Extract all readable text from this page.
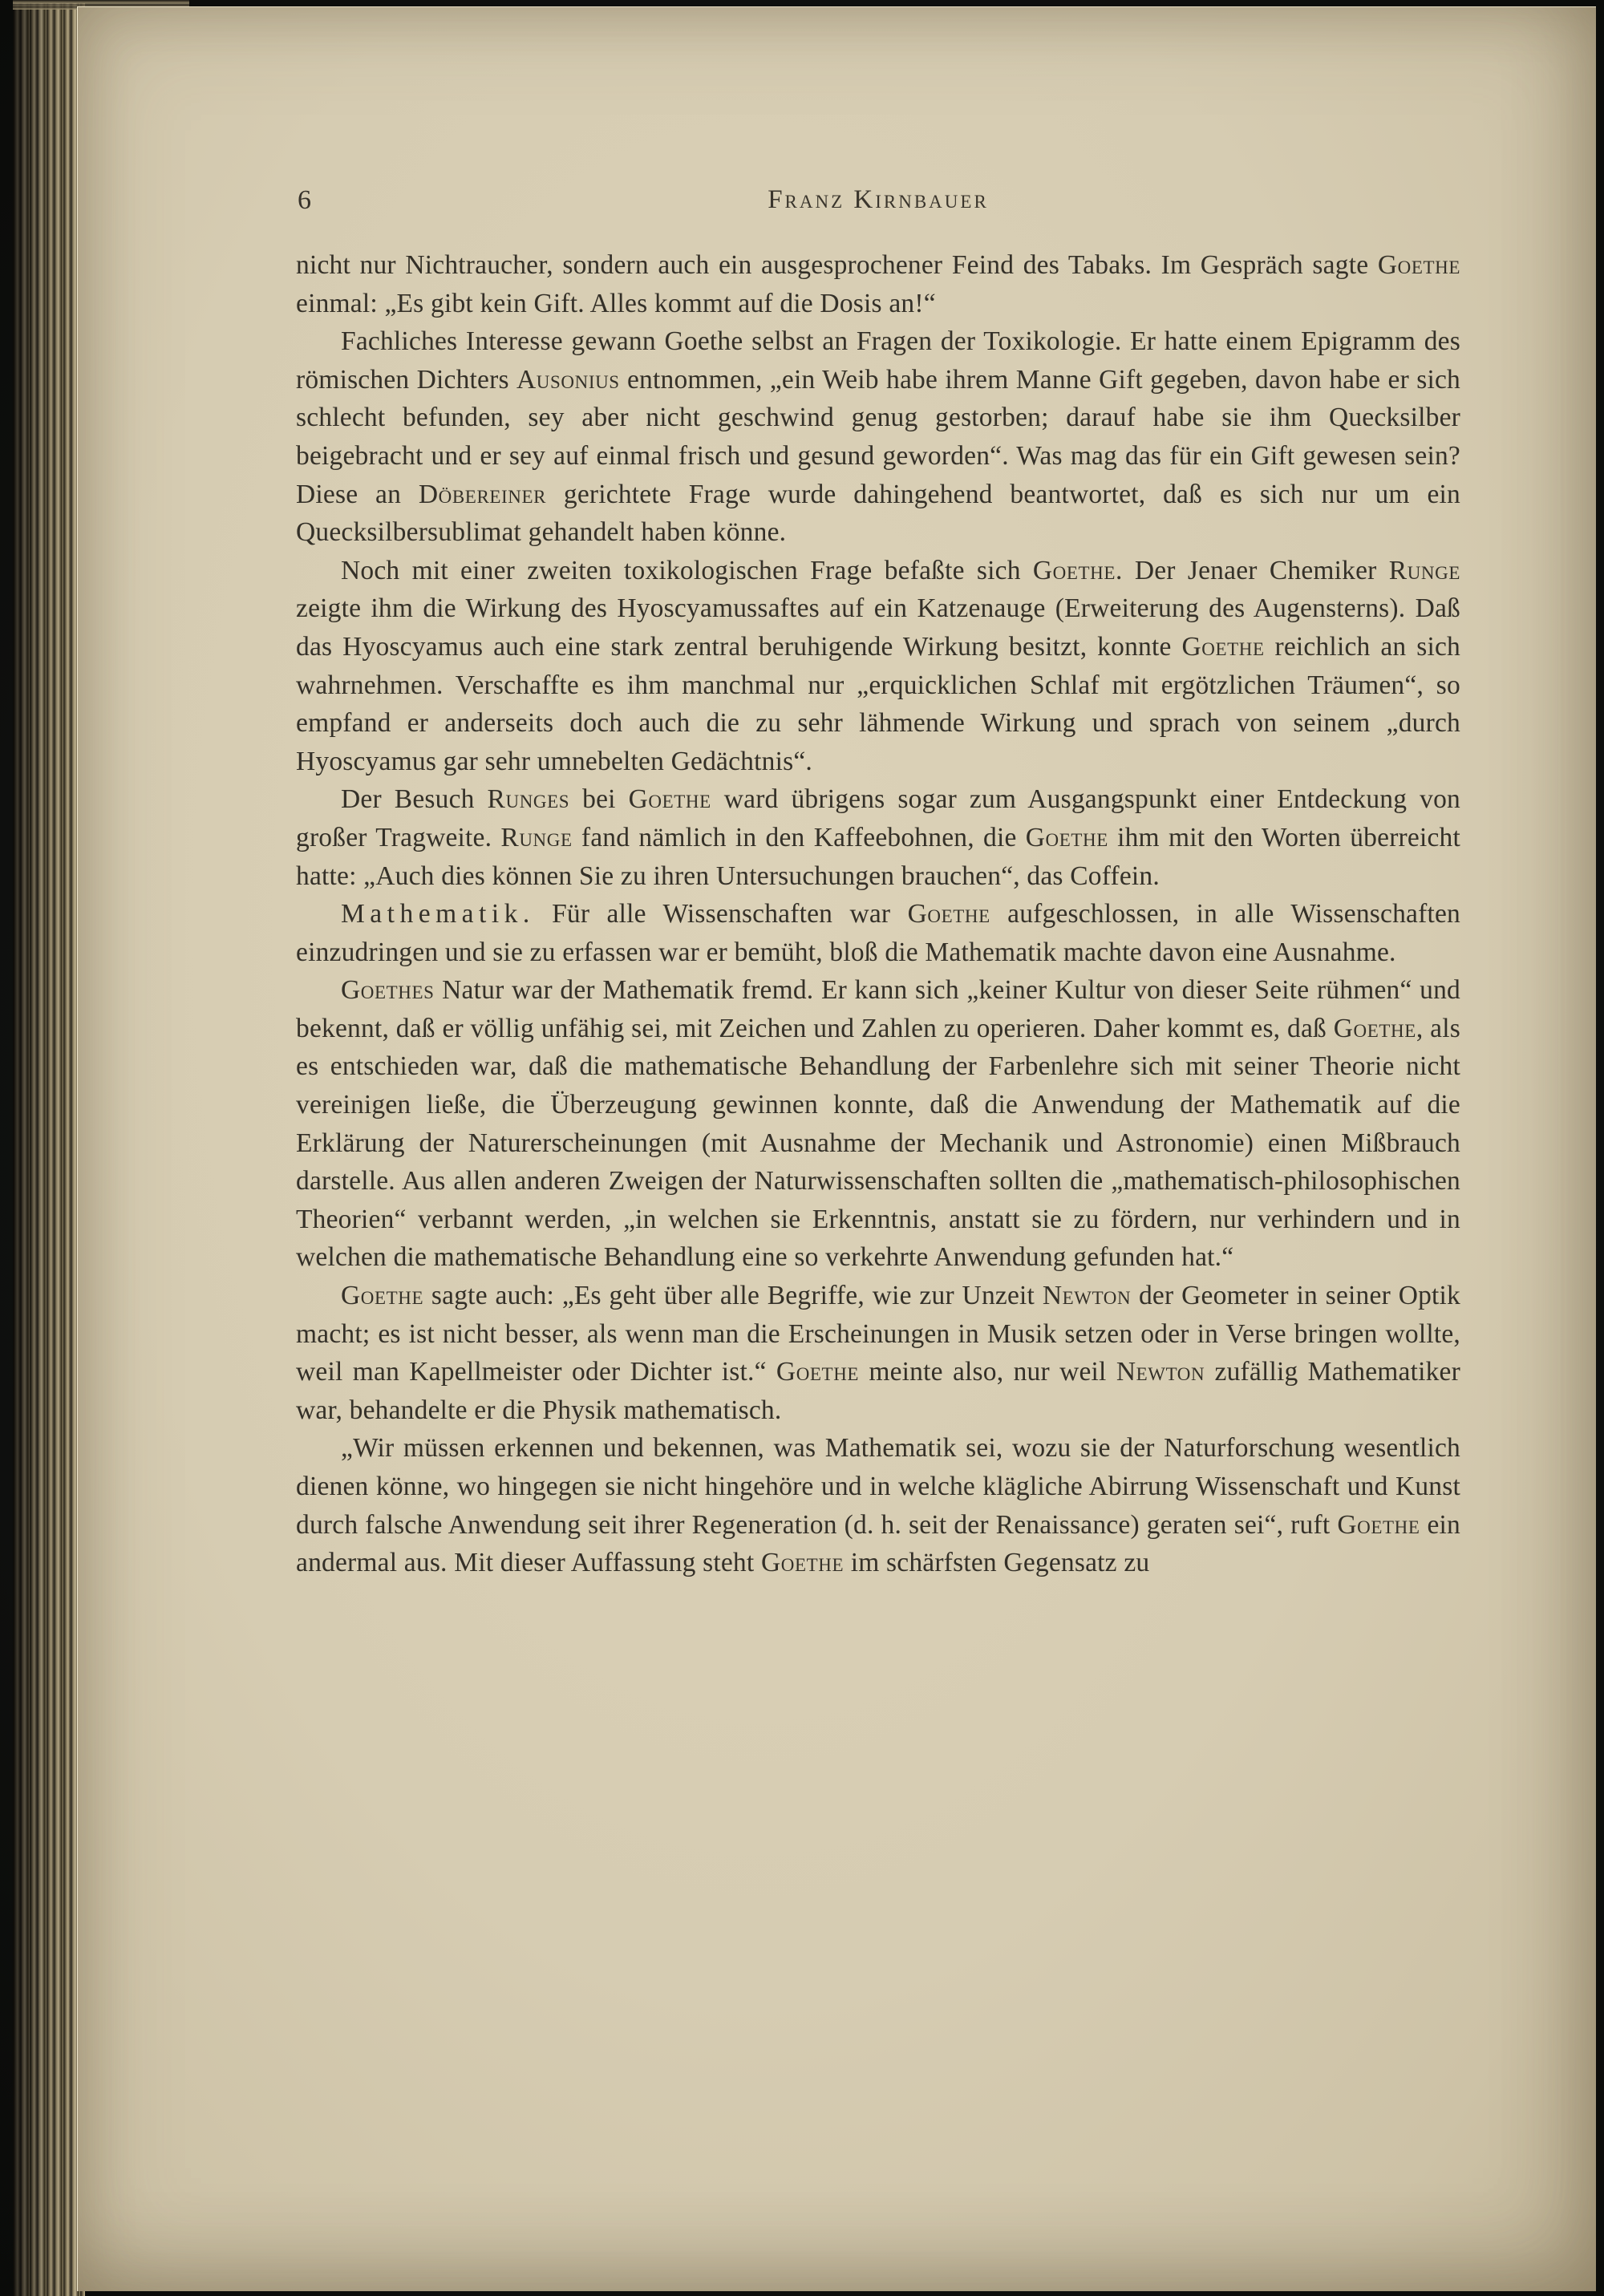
6	Franz Kirnbauer

nicht nur Nichtraucher, sondern auch ein ausgesprochener Feind des Tabaks. Im Gespräch sagte Goethe einmal: „Es gibt kein Gift. Alles kommt auf die Dosis an!“

Fachliches Interesse gewann Goethe selbst an Fragen der Toxikologie. Er hatte einem Epigramm des römischen Dichters Ausonius entnommen, „ein Weib habe ihrem Manne Gift gegeben, davon habe er sich schlecht befunden, sey aber nicht geschwind genug gestorben; darauf habe sie ihm Quecksilber beigebracht und er sey auf einmal frisch und gesund geworden“. Was mag das für ein Gift gewesen sein? Diese an Döbereiner gerichtete Frage wurde dahingehend beantwortet, daß es sich nur um ein Quecksilbersublimat gehandelt haben könne.

Noch mit einer zweiten toxikologischen Frage befaßte sich Goethe. Der Jenaer Chemiker Runge zeigte ihm die Wirkung des Hyoscyamussaftes auf ein Katzenauge (Erweiterung des Augensterns). Daß das Hyoscyamus auch eine stark zentral beruhigende Wirkung besitzt, konnte Goethe reichlich an sich wahrnehmen. Verschaffte es ihm manchmal nur „erquicklichen Schlaf mit ergötzlichen Träumen“, so empfand er anderseits doch auch die zu sehr lähmende Wirkung und sprach von seinem „durch Hyoscyamus gar sehr umnebelten Gedächtnis“.

Der Besuch Runges bei Goethe ward übrigens sogar zum Ausgangspunkt einer Entdeckung von großer Tragweite. Runge fand nämlich in den Kaffeebohnen, die Goethe ihm mit den Worten überreicht hatte: „Auch dies können Sie zu ihren Untersuchungen brauchen“, das Coffein.

Mathematik. Für alle Wissenschaften war Goethe aufgeschlossen, in alle Wissenschaften einzudringen und sie zu erfassen war er bemüht, bloß die Mathematik machte davon eine Ausnahme.

Goethes Natur war der Mathematik fremd. Er kann sich „keiner Kultur von dieser Seite rühmen“ und bekennt, daß er völlig unfähig sei, mit Zeichen und Zahlen zu operieren. Daher kommt es, daß Goethe, als es entschieden war, daß die mathematische Behandlung der Farbenlehre sich mit seiner Theorie nicht vereinigen ließe, die Überzeugung gewinnen konnte, daß die Anwendung der Mathematik auf die Erklärung der Naturerscheinungen (mit Ausnahme der Mechanik und Astronomie) einen Mißbrauch darstelle. Aus allen anderen Zweigen der Naturwissenschaften sollten die „mathematisch-philosophischen Theorien“ verbannt werden, „in welchen sie Erkenntnis, anstatt sie zu fördern, nur verhindern und in welchen die mathematische Behandlung eine so verkehrte Anwendung gefunden hat.“

Goethe sagte auch: „Es geht über alle Begriffe, wie zur Unzeit Newton der Geometer in seiner Optik macht; es ist nicht besser, als wenn man die Erscheinungen in Musik setzen oder in Verse bringen wollte, weil man Kapellmeister oder Dichter ist.“ Goethe meinte also, nur weil Newton zufällig Mathematiker war, behandelte er die Physik mathematisch.

„Wir müssen erkennen und bekennen, was Mathematik sei, wozu sie der Naturforschung wesentlich dienen könne, wo hingegen sie nicht hingehöre und in welche klägliche Abirrung Wissenschaft und Kunst durch falsche Anwendung seit ihrer Regeneration (d. h. seit der Renaissance) geraten sei“, ruft Goethe ein andermal aus. Mit dieser Auffassung steht Goethe im schärfsten Gegensatz zu
